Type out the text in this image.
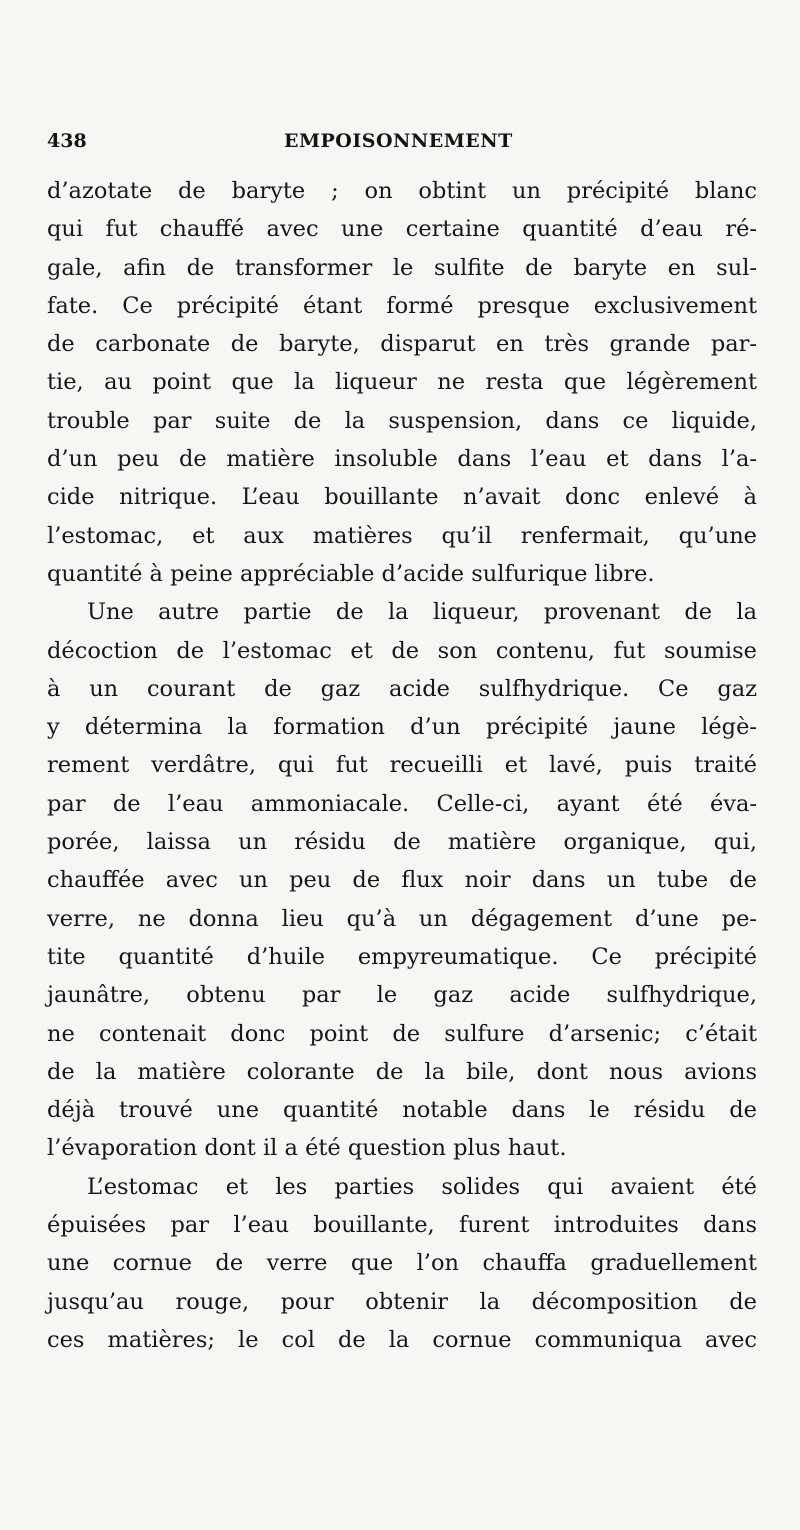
438	EMPOISONNEMENT
d’azotate de baryte ; on obtint un précipité blanc
qui fut chauffé avec une certaine quantité d’eau ré-
gale, afin de transformer le sulfite de baryte en sul-
fate. Ce précipité étant formé presque exclusivement
de carbonate de baryte, disparut en très grande par-
tie, au point que la liqueur ne resta que légèrement
trouble par suite de la suspension, dans ce liquide,
d’un peu de matière insoluble dans l’eau et dans l’a-
cide nitrique. L’eau bouillante n’avait donc enlevé à
l’estomac, et aux matières qu’il renfermait, qu’une
quantité à peine appréciable d’acide sulfurique libre.
Une autre partie de la liqueur, provenant de la
décoction de l’estomac et de son contenu, fut soumise
à un courant de gaz acide sulfhydrique. Ce gaz
y détermina la formation d’un précipité jaune légè-
rement verdâtre, qui fut recueilli et lavé, puis traité
par de l’eau ammoniacale. Celle-ci, ayant été éva-
porée, laissa un résidu de matière organique, qui,
chauffée avec un peu de flux noir dans un tube de
verre, ne donna lieu qu’à un dégagement d’une pe-
tite quantité d’huile empyreumatique. Ce précipité
jaunâtre, obtenu par le gaz acide sulfhydrique,
ne contenait donc point de sulfure d’arsenic; c’était
de la matière colorante de la bile, dont nous avions
déjà trouvé une quantité notable dans le résidu de
l’évaporation dont il a été question plus haut.
L’estomac et les parties solides qui avaient été
épuisées par l’eau bouillante, furent introduites dans
une cornue de verre que l’on chauffa graduellement
jusqu’au rouge, pour obtenir la décomposition de
ces matières; le col de la cornue communiqua avec
